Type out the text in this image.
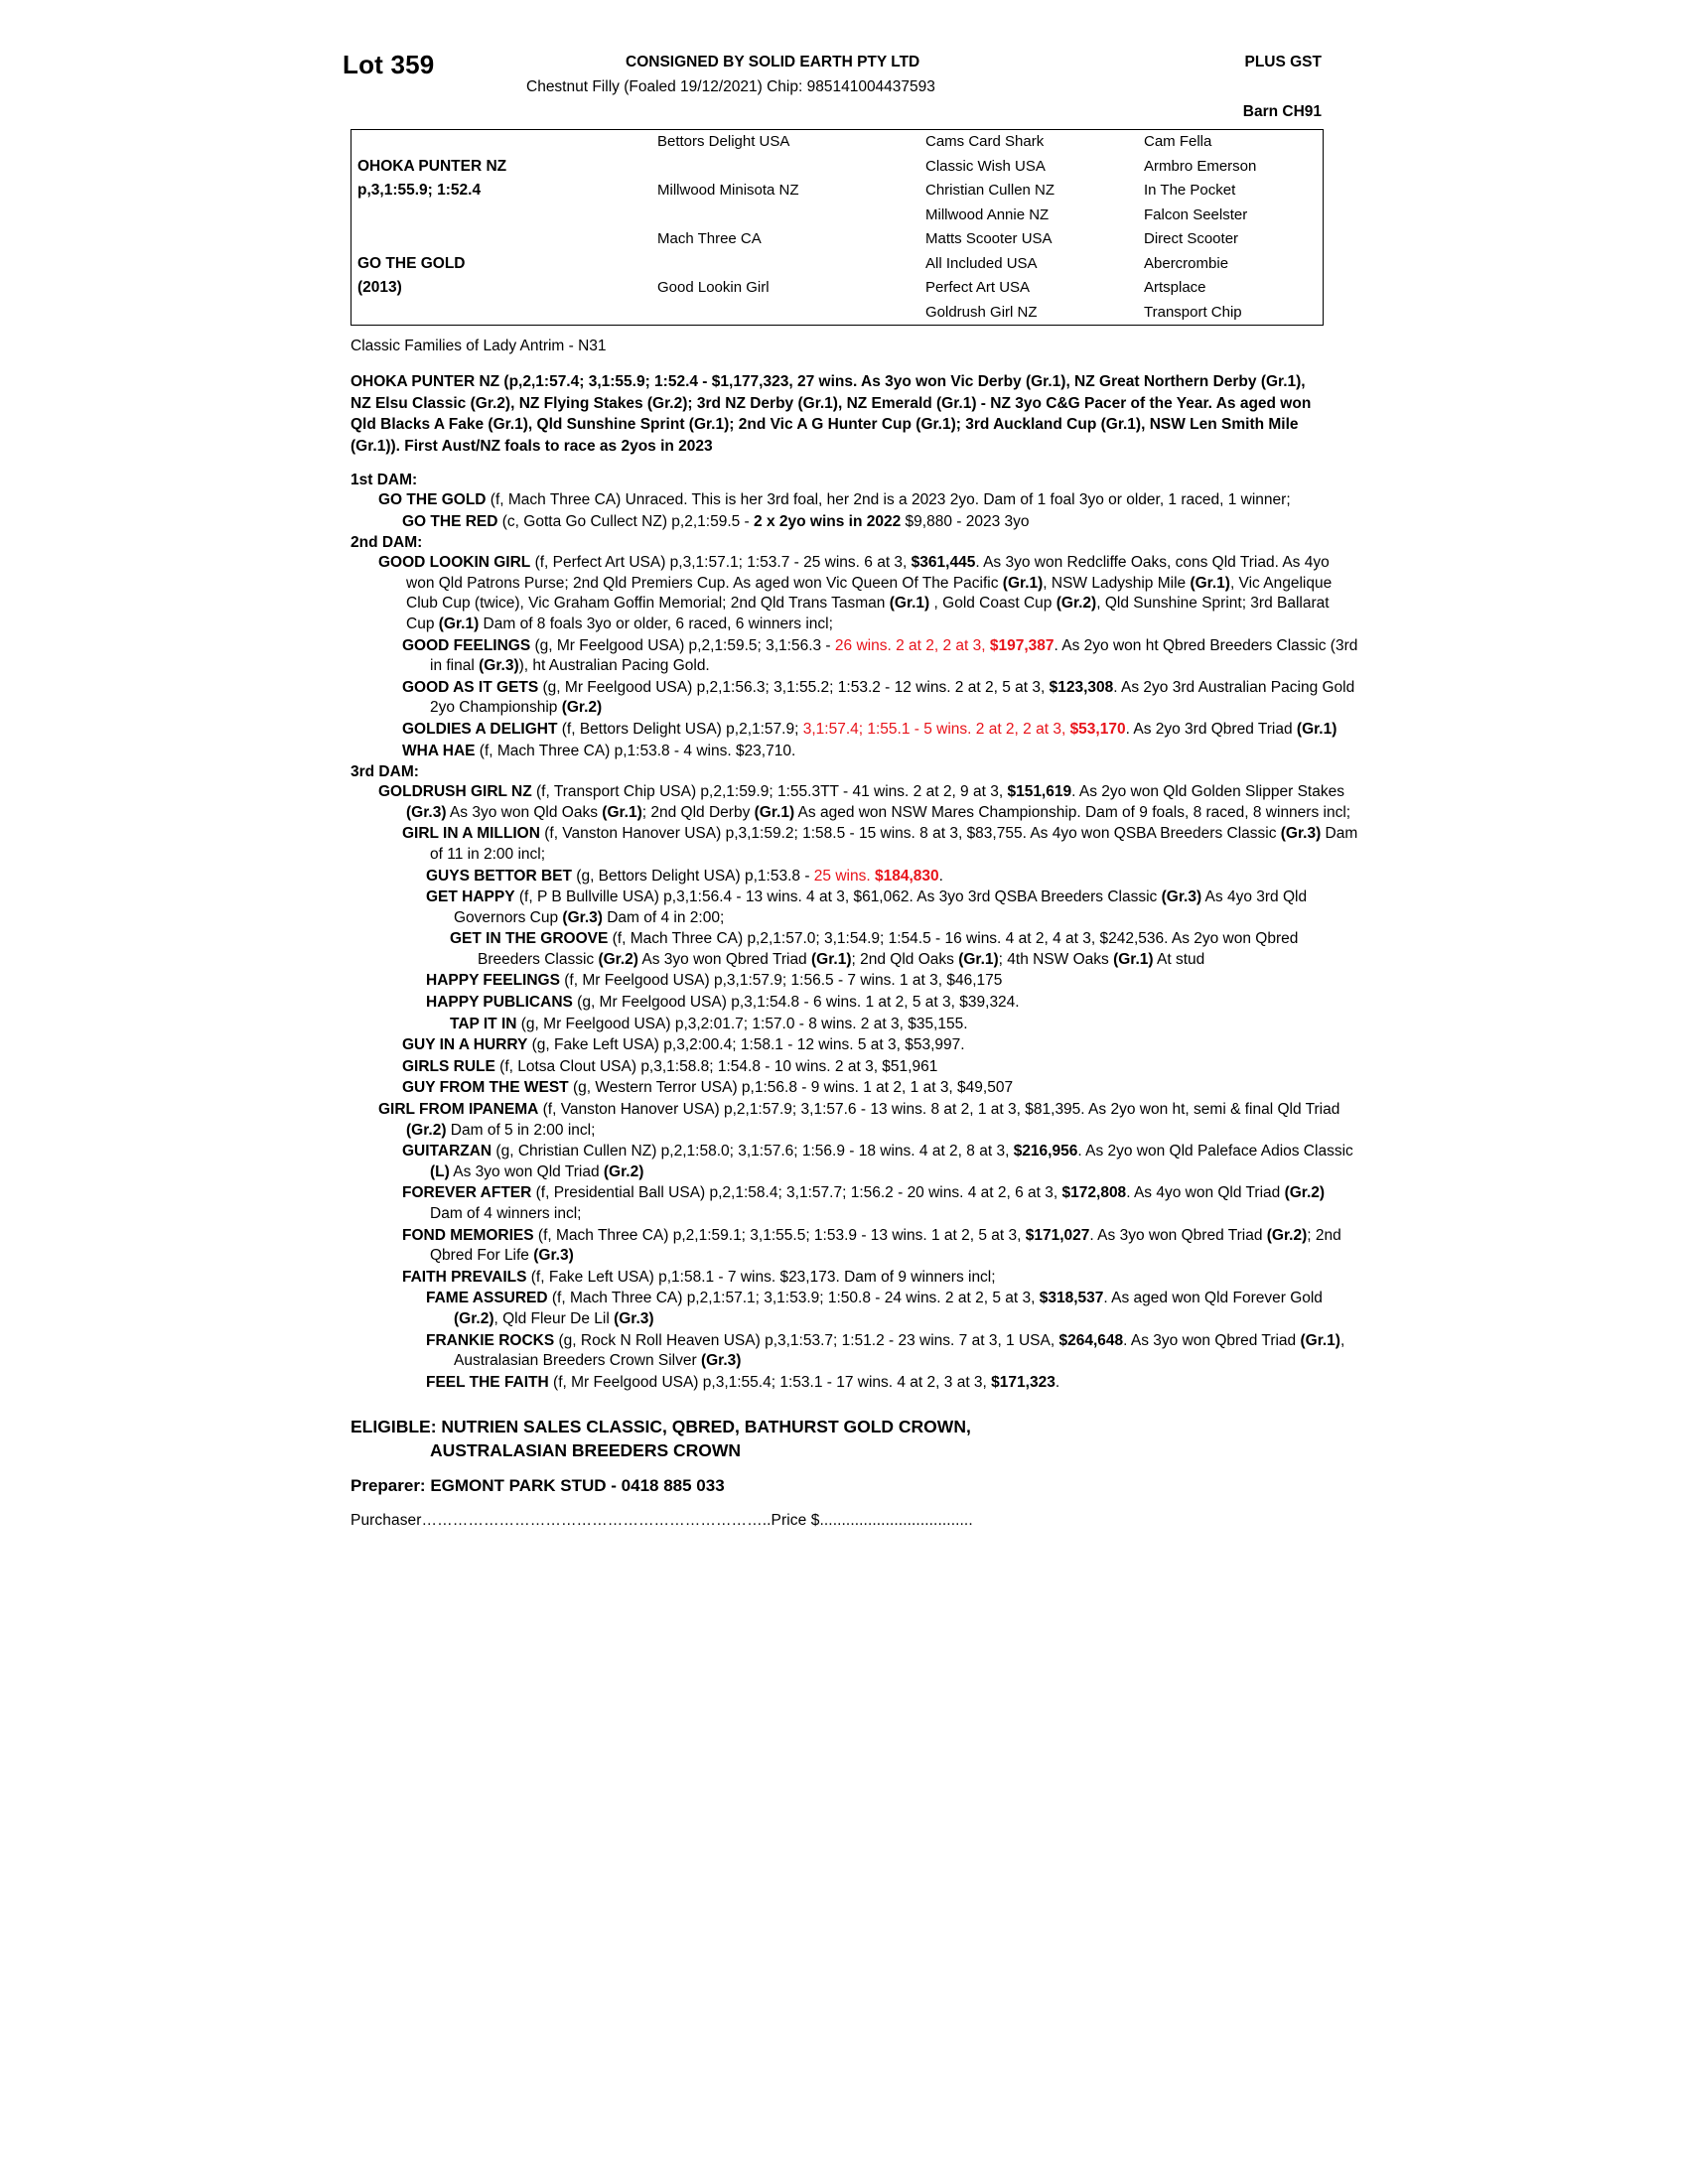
Lot 359	CONSIGNED BY SOLID EARTH PTY LTD	PLUS GST
Chestnut Filly (Foaled 19/12/2021) Chip: 985141004437593
Barn CH91
	Bettors Delight USA	Cams Card Shark	Cam Fella
OHOKA PUNTER NZ		Classic Wish USA	Armbro Emerson
p,3,1:55.9; 1:52.4	Millwood Minisota NZ	Christian Cullen NZ	In The Pocket
		Millwood Annie NZ	Falcon Seelster
	Mach Three CA	Matts Scooter USA	Direct Scooter
GO THE GOLD		All Included USA	Abercrombie
(2013)	Good Lookin Girl	Perfect Art USA	Artsplace
		Goldrush Girl NZ	Transport Chip
Classic Families of Lady Antrim - N31
OHOKA PUNTER NZ (p,2,1:57.4; 3,1:55.9; 1:52.4 - $1,177,323, 27 wins. As 3yo won Vic Derby (Gr.1), NZ Great Northern Derby (Gr.1), NZ Elsu Classic (Gr.2), NZ Flying Stakes (Gr.2); 3rd NZ Derby (Gr.1), NZ Emerald (Gr.1) - NZ 3yo C&G Pacer of the Year. As aged won Qld Blacks A Fake (Gr.1), Qld Sunshine Sprint (Gr.1); 2nd Vic A G Hunter Cup (Gr.1); 3rd Auckland Cup (Gr.1), NSW Len Smith Mile (Gr.1)). First Aust/NZ foals to race as 2yos in 2023
1st DAM:
GO THE GOLD (f, Mach Three CA) Unraced. This is her 3rd foal, her 2nd is a 2023 2yo. Dam of 1 foal 3yo or older, 1 raced, 1 winner;
GO THE RED (c, Gotta Go Cullect NZ) p,2,1:59.5 - 2 x 2yo wins in 2022 $9,880 - 2023 3yo
2nd DAM:
GOOD LOOKIN GIRL (f, Perfect Art USA) p,3,1:57.1; 1:53.7 - 25 wins. 6 at 3, $361,445. As 3yo won Redcliffe Oaks, cons Qld Triad. As 4yo won Qld Patrons Purse; 2nd Qld Premiers Cup. As aged won Vic Queen Of The Pacific (Gr.1), NSW Ladyship Mile (Gr.1), Vic Angelique Club Cup (twice), Vic Graham Goffin Memorial; 2nd Qld Trans Tasman (Gr.1) , Gold Coast Cup (Gr.2), Qld Sunshine Sprint; 3rd Ballarat Cup (Gr.1) Dam of 8 foals 3yo or older, 6 raced, 6 winners incl;
GOOD FEELINGS (g, Mr Feelgood USA) p,2,1:59.5; 3,1:56.3 - 26 wins. 2 at 2, 2 at 3, $197,387. As 2yo won ht Qbred Breeders Classic (3rd in final (Gr.3)), ht Australian Pacing Gold.
GOOD AS IT GETS (g, Mr Feelgood USA) p,2,1:56.3; 3,1:55.2; 1:53.2 - 12 wins. 2 at 2, 5 at 3, $123,308. As 2yo 3rd Australian Pacing Gold 2yo Championship (Gr.2)
GOLDIES A DELIGHT (f, Bettors Delight USA) p,2,1:57.9; 3,1:57.4; 1:55.1 - 5 wins. 2 at 2, 2 at 3, $53,170. As 2yo 3rd Qbred Triad (Gr.1)
WHA HAE (f, Mach Three CA) p,1:53.8 - 4 wins. $23,710.
3rd DAM:
GOLDRUSH GIRL NZ (f, Transport Chip USA) p,2,1:59.9; 1:55.3TT - 41 wins. 2 at 2, 9 at 3, $151,619. As 2yo won Qld Golden Slipper Stakes (Gr.3) As 3yo won Qld Oaks (Gr.1); 2nd Qld Derby (Gr.1) As aged won NSW Mares Championship. Dam of 9 foals, 8 raced, 8 winners incl;
GIRL IN A MILLION (f, Vanston Hanover USA) p,3,1:59.2; 1:58.5 - 15 wins. 8 at 3, $83,755. As 4yo won QSBA Breeders Classic (Gr.3) Dam of 11 in 2:00 incl;
GUYS BETTOR BET (g, Bettors Delight USA) p,1:53.8 - 25 wins. $184,830.
GET HAPPY (f, P B Bullville USA) p,3,1:56.4 - 13 wins. 4 at 3, $61,062. As 3yo 3rd QSBA Breeders Classic (Gr.3) As 4yo 3rd Qld Governors Cup (Gr.3) Dam of 4 in 2:00;
GET IN THE GROOVE (f, Mach Three CA) p,2,1:57.0; 3,1:54.9; 1:54.5 - 16 wins. 4 at 2, 4 at 3, $242,536. As 2yo won Qbred Breeders Classic (Gr.2) As 3yo won Qbred Triad (Gr.1); 2nd Qld Oaks (Gr.1); 4th NSW Oaks (Gr.1) At stud
HAPPY FEELINGS (f, Mr Feelgood USA) p,3,1:57.9; 1:56.5 - 7 wins. 1 at 3, $46,175
HAPPY PUBLICANS (g, Mr Feelgood USA) p,3,1:54.8 - 6 wins. 1 at 2, 5 at 3, $39,324.
TAP IT IN (g, Mr Feelgood USA) p,3,2:01.7; 1:57.0 - 8 wins. 2 at 3, $35,155.
GUY IN A HURRY (g, Fake Left USA) p,3,2:00.4; 1:58.1 - 12 wins. 5 at 3, $53,997.
GIRLS RULE (f, Lotsa Clout USA) p,3,1:58.8; 1:54.8 - 10 wins. 2 at 3, $51,961
GUY FROM THE WEST (g, Western Terror USA) p,1:56.8 - 9 wins. 1 at 2, 1 at 3, $49,507
GIRL FROM IPANEMA (f, Vanston Hanover USA) p,2,1:57.9; 3,1:57.6 - 13 wins. 8 at 2, 1 at 3, $81,395. As 2yo won ht, semi & final Qld Triad (Gr.2) Dam of 5 in 2:00 incl;
GUITARZAN (g, Christian Cullen NZ) p,2,1:58.0; 3,1:57.6; 1:56.9 - 18 wins. 4 at 2, 8 at 3, $216,956. As 2yo won Qld Paleface Adios Classic (L) As 3yo won Qld Triad (Gr.2)
FOREVER AFTER (f, Presidential Ball USA) p,2,1:58.4; 3,1:57.7; 1:56.2 - 20 wins. 4 at 2, 6 at 3, $172,808. As 4yo won Qld Triad (Gr.2) Dam of 4 winners incl;
FOND MEMORIES (f, Mach Three CA) p,2,1:59.1; 3,1:55.5; 1:53.9 - 13 wins. 1 at 2, 5 at 3, $171,027. As 3yo won Qbred Triad (Gr.2); 2nd Qbred For Life (Gr.3)
FAITH PREVAILS (f, Fake Left USA) p,1:58.1 - 7 wins. $23,173. Dam of 9 winners incl;
FAME ASSURED (f, Mach Three CA) p,2,1:57.1; 3,1:53.9; 1:50.8 - 24 wins. 2 at 2, 5 at 3, $318,537. As aged won Qld Forever Gold (Gr.2), Qld Fleur De Lil (Gr.3)
FRANKIE ROCKS (g, Rock N Roll Heaven USA) p,3,1:53.7; 1:51.2 - 23 wins. 7 at 3, 1 USA, $264,648. As 3yo won Qbred Triad (Gr.1), Australasian Breeders Crown Silver (Gr.3)
FEEL THE FAITH (f, Mr Feelgood USA) p,3,1:55.4; 1:53.1 - 17 wins. 4 at 2, 3 at 3, $171,323.
ELIGIBLE: NUTRIEN SALES CLASSIC, QBRED, BATHURST GOLD CROWN,
AUSTRALASIAN BREEDERS CROWN
Preparer: EGMONT PARK STUD - 0418 885 033
Purchaser…………………………………………………………..Price $...................................
